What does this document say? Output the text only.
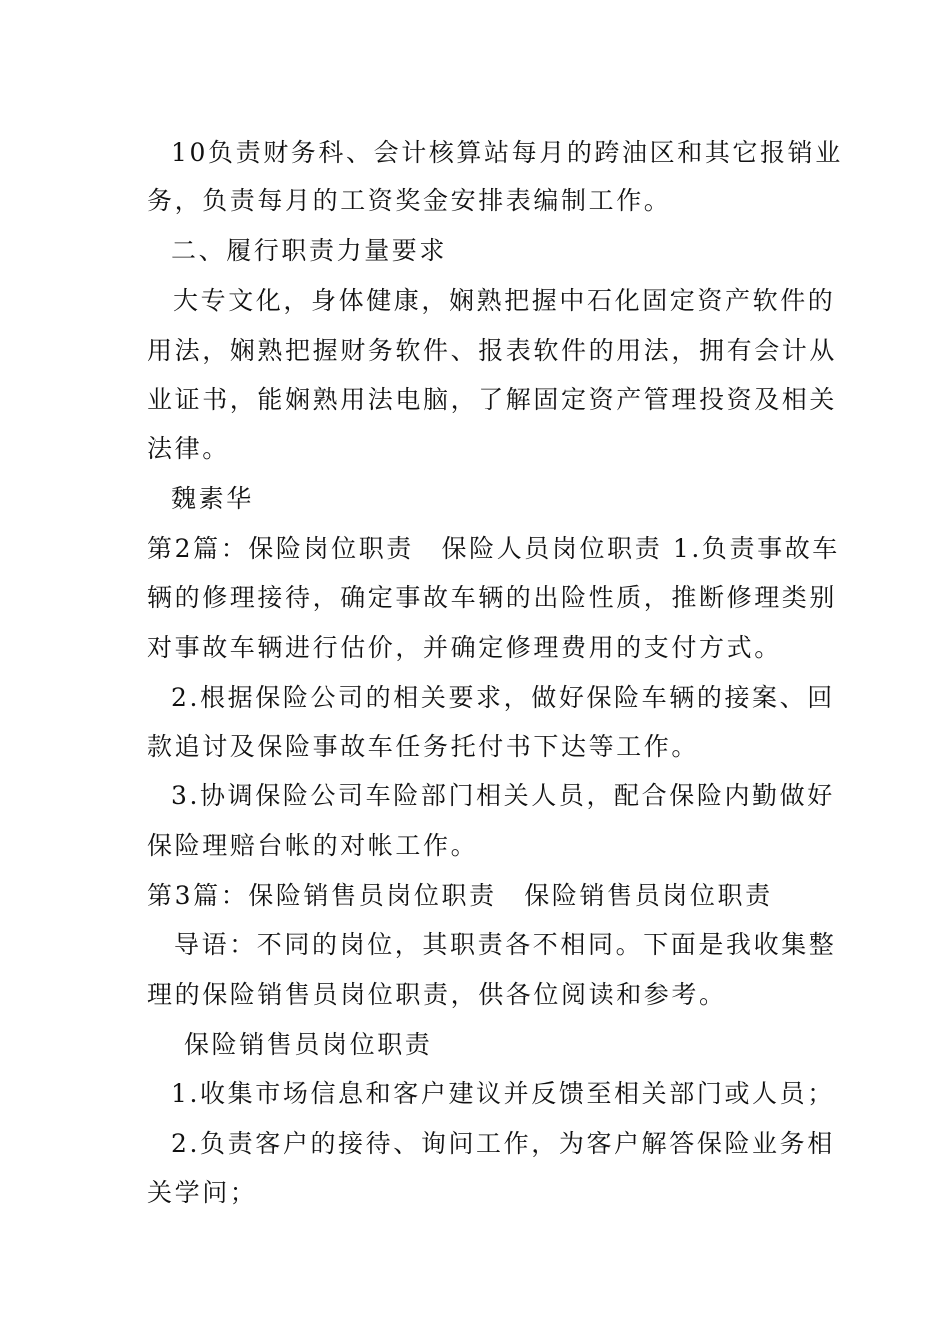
10负责财务科、会计核算站每月的跨油区和其它报销业
务，负责每月的工资奖金安排表编制工作。
二、履行职责力量要求
大专文化，身体健康，娴熟把握中石化固定资产软件的
用法，娴熟把握财务软件、报表软件的用法，拥有会计从
业证书，能娴熟用法电脑，了解固定资产管理投资及相关
法律。
魏素华
第2篇：保险岗位职责　保险人员岗位职责 1.负责事故车
辆的修理接待，确定事故车辆的出险性质，推断修理类别
对事故车辆进行估价，并确定修理费用的支付方式。
2.根据保险公司的相关要求，做好保险车辆的接案、回
款追讨及保险事故车任务托付书下达等工作。
3.协调保险公司车险部门相关人员，配合保险内勤做好
保险理赔台帐的对帐工作。
第3篇：保险销售员岗位职责　保险销售员岗位职责
导语：不同的岗位，其职责各不相同。下面是我收集整
理的保险销售员岗位职责，供各位阅读和参考。
保险销售员岗位职责
1.收集市场信息和客户建议并反馈至相关部门或人员；
2.负责客户的接待、询问工作，为客户解答保险业务相
关学问；
